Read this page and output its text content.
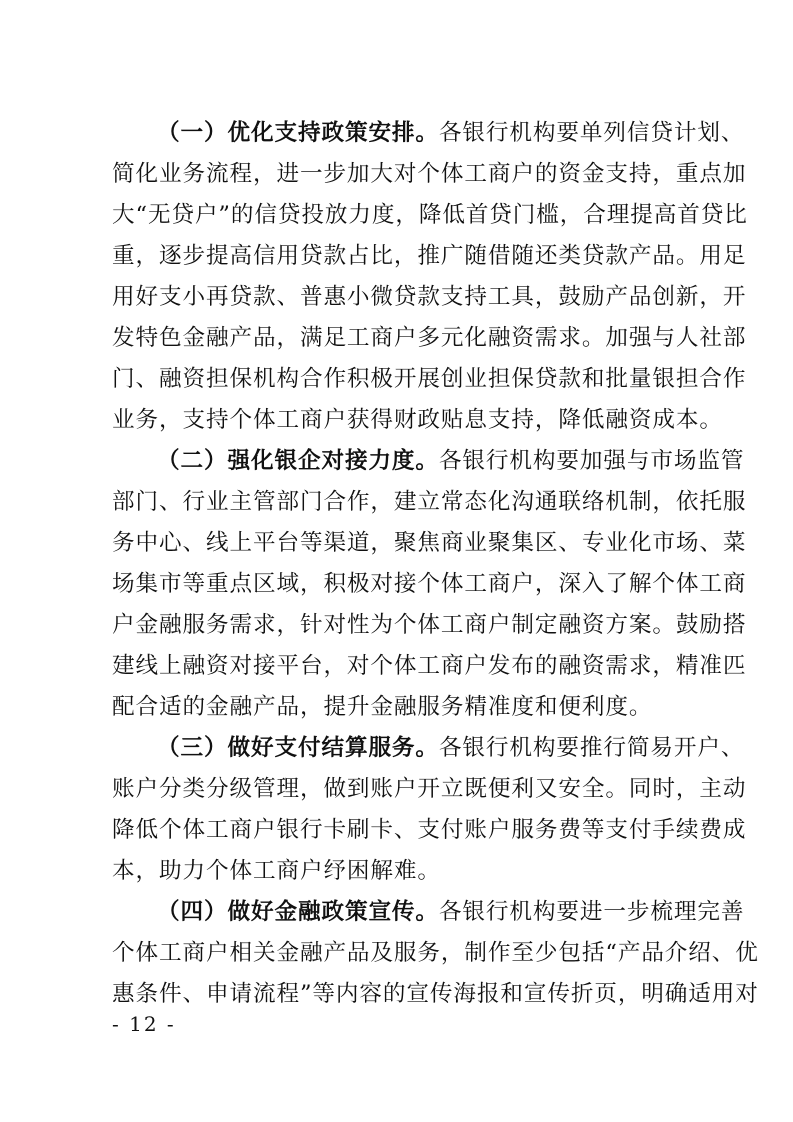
（一）优化支持政策安排。各银行机构要单列信贷计划、
简化业务流程，进一步加大对个体工商户的资金支持，重点加
大“无贷户”的信贷投放力度，降低首贷门槛，合理提高首贷比
重，逐步提高信用贷款占比，推广随借随还类贷款产品。用足
用好支小再贷款、普惠小微贷款支持工具，鼓励产品创新，开
发特色金融产品，满足工商户多元化融资需求。加强与人社部
门、融资担保机构合作积极开展创业担保贷款和批量银担合作
业务，支持个体工商户获得财政贴息支持，降低融资成本。
（二）强化银企对接力度。各银行机构要加强与市场监管
部门、行业主管部门合作，建立常态化沟通联络机制，依托服
务中心、线上平台等渠道，聚焦商业聚集区、专业化市场、菜
场集市等重点区域，积极对接个体工商户，深入了解个体工商
户金融服务需求，针对性为个体工商户制定融资方案。鼓励搭
建线上融资对接平台，对个体工商户发布的融资需求，精准匹
配合适的金融产品，提升金融服务精准度和便利度。
（三）做好支付结算服务。各银行机构要推行简易开户、
账户分类分级管理，做到账户开立既便利又安全。同时，主动
降低个体工商户银行卡刷卡、支付账户服务费等支付手续费成
本，助力个体工商户纾困解难。
（四）做好金融政策宣传。各银行机构要进一步梳理完善
个体工商户相关金融产品及服务，制作至少包括“产品介绍、优
惠条件、申请流程”等内容的宣传海报和宣传折页，明确适用对
- 12 -
